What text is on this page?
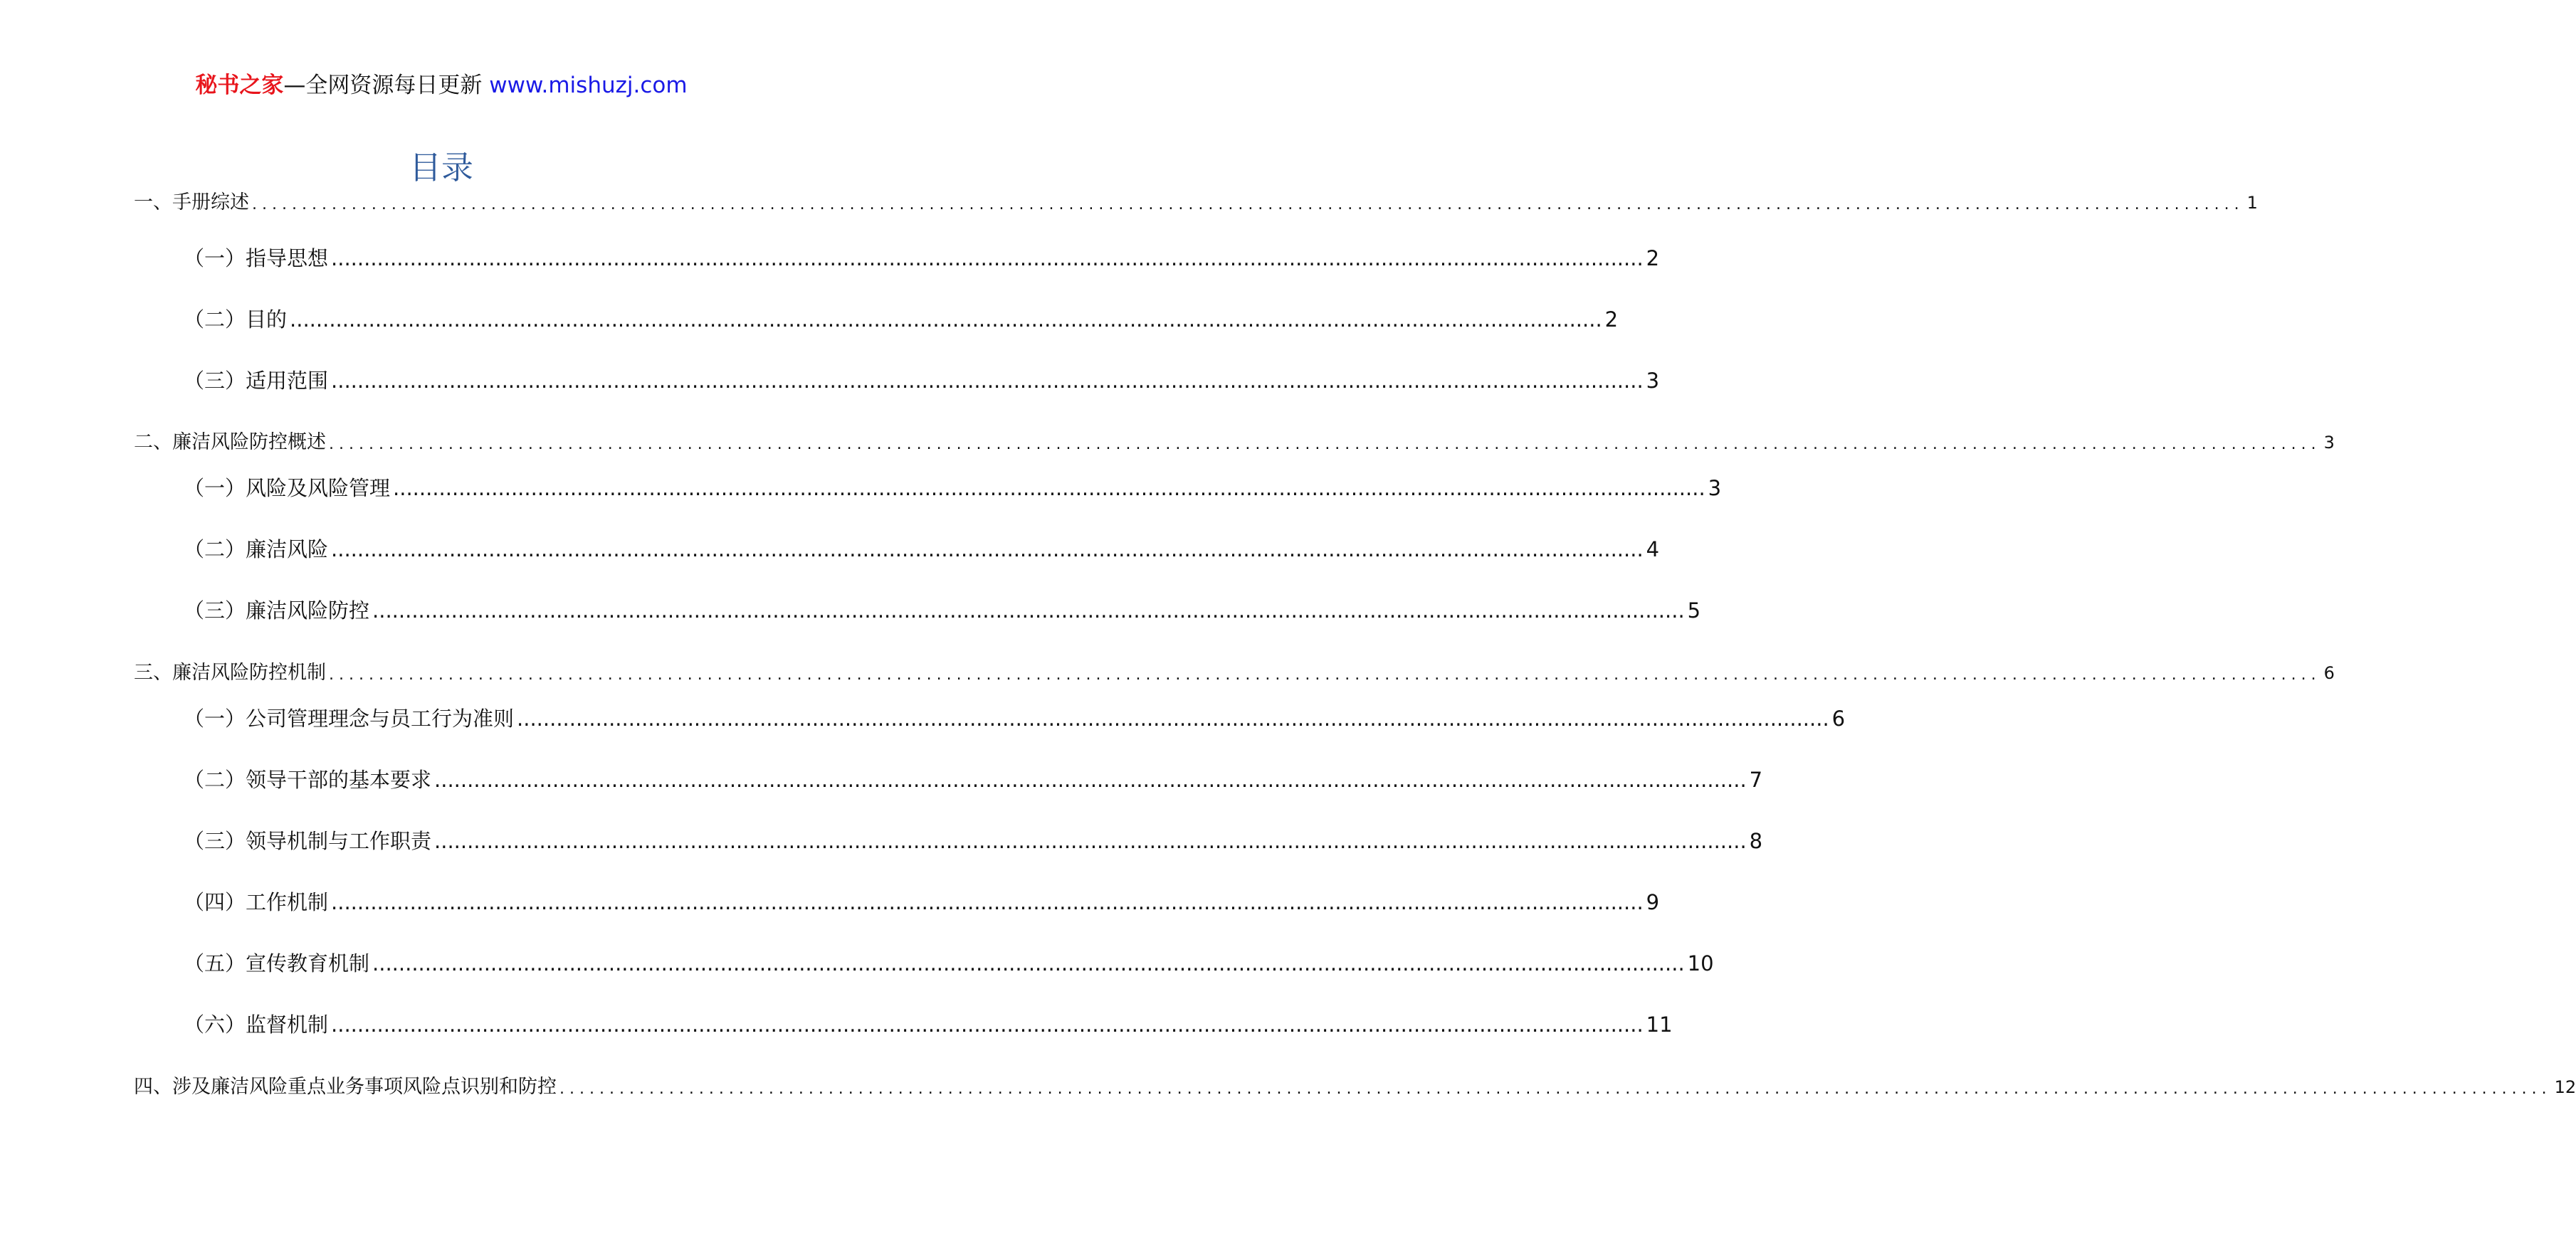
秘书之家—全网资源每日更新 www.mishuzj.com
目录
一、手册综述 ........................................................................................................................................................................................................ 1
（一）指导思想 ........................................................................................................................................................................................................ 2
（二）目的 ........................................................................................................................................................................................................ 2
（三）适用范围 ........................................................................................................................................................................................................ 3
二、廉洁风险防控概述 ........................................................................................................................................................................................................ 3
（一）风险及风险管理 ........................................................................................................................................................................................................ 3
（二）廉洁风险 ........................................................................................................................................................................................................ 4
（三）廉洁风险防控 ........................................................................................................................................................................................................ 5
三、廉洁风险防控机制 ........................................................................................................................................................................................................ 6
（一）公司管理理念与员工行为准则 ........................................................................................................................................................................................................ 6
（二）领导干部的基本要求 ........................................................................................................................................................................................................ 7
（三）领导机制与工作职责 ........................................................................................................................................................................................................ 8
（四）工作机制 ........................................................................................................................................................................................................ 9
（五）宣传教育机制 ........................................................................................................................................................................................................ 10
（六）监督机制 ........................................................................................................................................................................................................ 11
四、涉及廉洁风险重点业务事项风险点识别和防控 ........................................................................................................................................................................................................ 12
